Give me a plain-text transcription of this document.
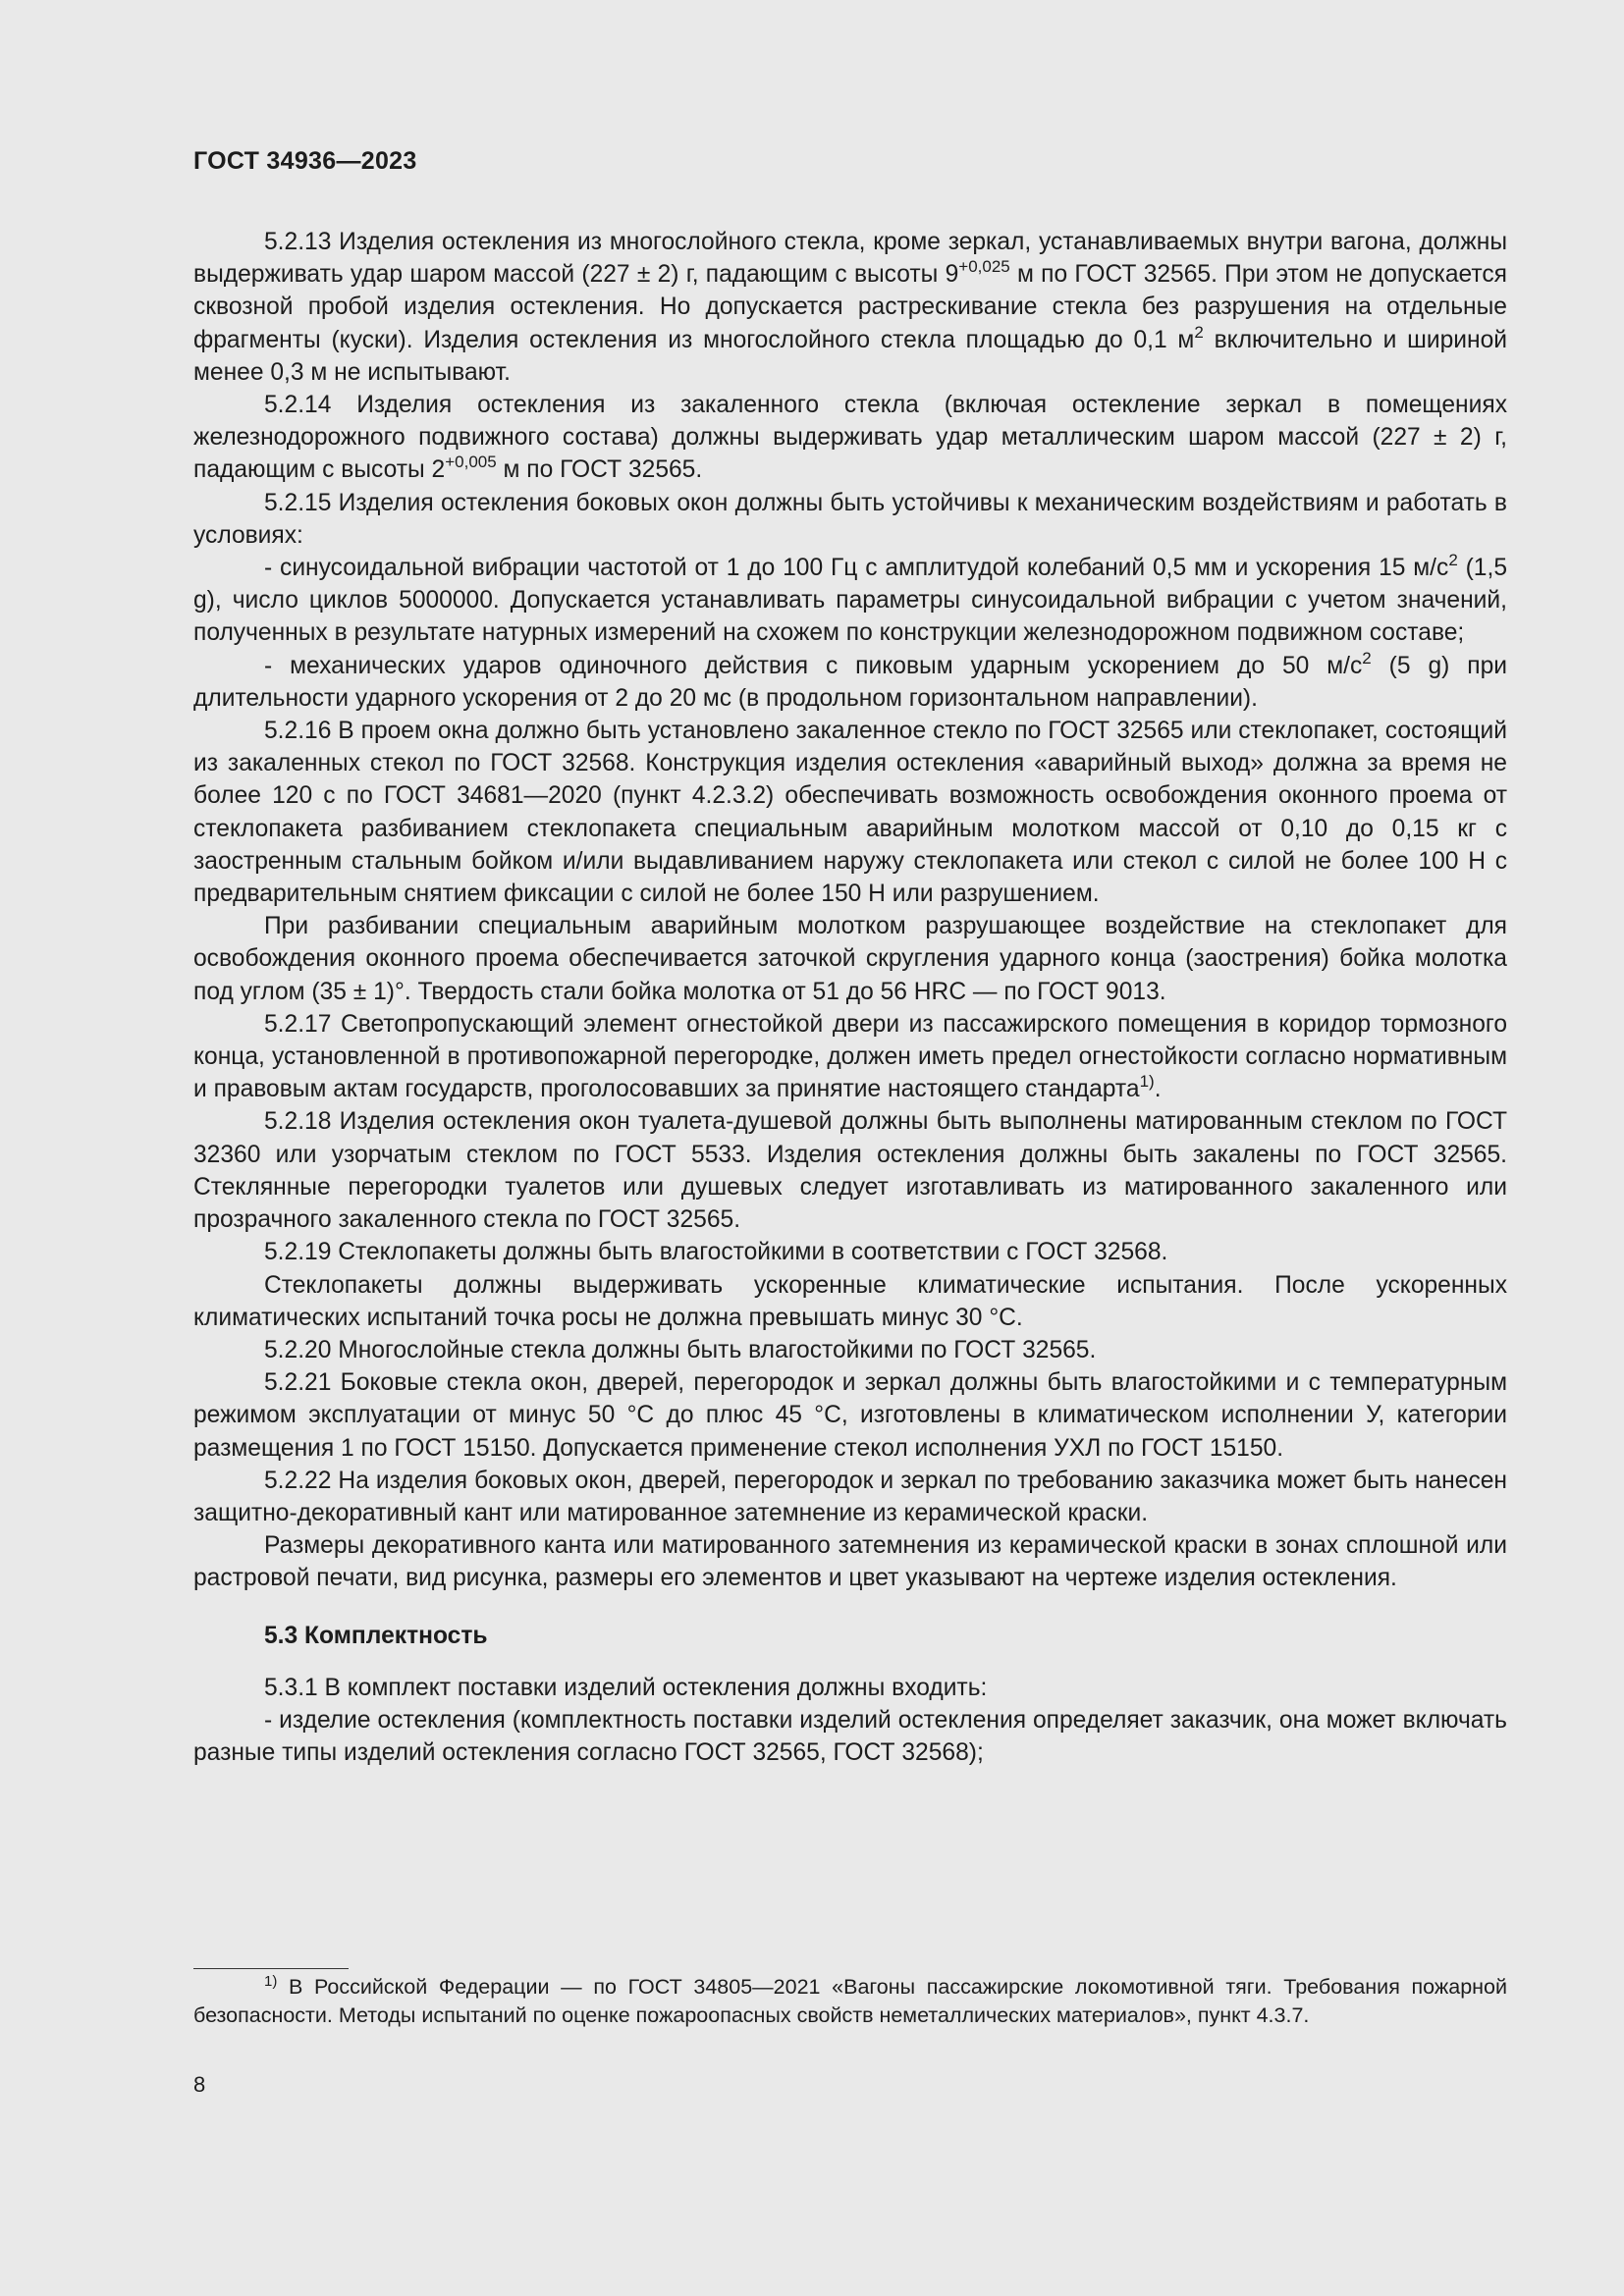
ГОСТ 34936—2023

5.2.13 Изделия остекления из многослойного стекла, кроме зеркал, устанавливаемых внутри вагона, должны выдерживать удар шаром массой (227 ± 2) г, падающим с высоты $9^{+0,025}$ м по ГОСТ 32565. При этом не допускается сквозной пробой изделия остекления. Но допускается растрескивание стекла без разрушения на отдельные фрагменты (куски). Изделия остекления из многослойного стекла площадью до 0,1 $м^2$ включительно и шириной менее 0,3 м не испытывают.

5.2.14 Изделия остекления из закаленного стекла (включая остекление зеркал в помещениях железнодорожного подвижного состава) должны выдерживать удар металлическим шаром массой (227 ± 2) г, падающим с высоты $2^{+0,005}$ м по ГОСТ 32565.

5.2.15 Изделия остекления боковых окон должны быть устойчивы к механическим воздействиям и работать в условиях:

- синусоидальной вибрации частотой от 1 до 100 Гц с амплитудой колебаний 0,5 мм и ускорения 15 $м/с^2$ (1,5 g), число циклов 5000000. Допускается устанавливать параметры синусоидальной вибрации с учетом значений, полученных в результате натурных измерений на схожем по конструкции железнодорожном подвижном составе;

- механических ударов одиночного действия с пиковым ударным ускорением до 50 $м/с^2$ (5 g) при длительности ударного ускорения от 2 до 20 мс (в продольном горизонтальном направлении).

5.2.16 В проем окна должно быть установлено закаленное стекло по ГОСТ 32565 или стеклопакет, состоящий из закаленных стекол по ГОСТ 32568. Конструкция изделия остекления «аварийный выход» должна за время не более 120 с по ГОСТ 34681—2020 (пункт 4.2.3.2) обеспечивать возможность освобождения оконного проема от стеклопакета разбиванием стеклопакета специальным аварийным молотком массой от 0,10 до 0,15 кг с заостренным стальным бойком и/или выдавливанием наружу стеклопакета или стекол с силой не более 100 Н с предварительным снятием фиксации с силой не более 150 Н или разрушением.

При разбивании специальным аварийным молотком разрушающее воздействие на стеклопакет для освобождения оконного проема обеспечивается заточкой скругления ударного конца (заострения) бойка молотка под углом (35 ± 1)°. Твердость стали бойка молотка от 51 до 56 HRC — по ГОСТ 9013.

5.2.17 Светопропускающий элемент огнестойкой двери из пассажирского помещения в коридор тормозного конца, установленной в противопожарной перегородке, должен иметь предел огнестойкости согласно нормативным и правовым актам государств, проголосовавших за принятие настоящего стандарта$^{1)}$.

5.2.18 Изделия остекления окон туалета-душевой должны быть выполнены матированным стеклом по ГОСТ 32360 или узорчатым стеклом по ГОСТ 5533. Изделия остекления должны быть закалены по ГОСТ 32565. Стеклянные перегородки туалетов или душевых следует изготавливать из матированного закаленного или прозрачного закаленного стекла по ГОСТ 32565.

5.2.19 Стеклопакеты должны быть влагостойкими в соответствии с ГОСТ 32568.

Стеклопакеты должны выдерживать ускоренные климатические испытания. После ускоренных климатических испытаний точка росы не должна превышать минус 30 °С.

5.2.20 Многослойные стекла должны быть влагостойкими по ГОСТ 32565.

5.2.21 Боковые стекла окон, дверей, перегородок и зеркал должны быть влагостойкими и с температурным режимом эксплуатации от минус 50 °С до плюс 45 °С, изготовлены в климатическом исполнении У, категории размещения 1 по ГОСТ 15150. Допускается применение стекол исполнения УХЛ по ГОСТ 15150.

5.2.22 На изделия боковых окон, дверей, перегородок и зеркал по требованию заказчика может быть нанесен защитно-декоративный кант или матированное затемнение из керамической краски.

Размеры декоративного канта или матированного затемнения из керамической краски в зонах сплошной или растровой печати, вид рисунка, размеры его элементов и цвет указывают на чертеже изделия остекления.

5.3 Комплектность

5.3.1 В комплект поставки изделий остекления должны входить:

- изделие остекления (комплектность поставки изделий остекления определяет заказчик, она может включать разные типы изделий остекления согласно ГОСТ 32565, ГОСТ 32568);

$^{1)}$ В Российской Федерации — по ГОСТ 34805—2021 «Вагоны пассажирские локомотивной тяги. Требования пожарной безопасности. Методы испытаний по оценке пожароопасных свойств неметаллических материалов», пункт 4.3.7.

8
